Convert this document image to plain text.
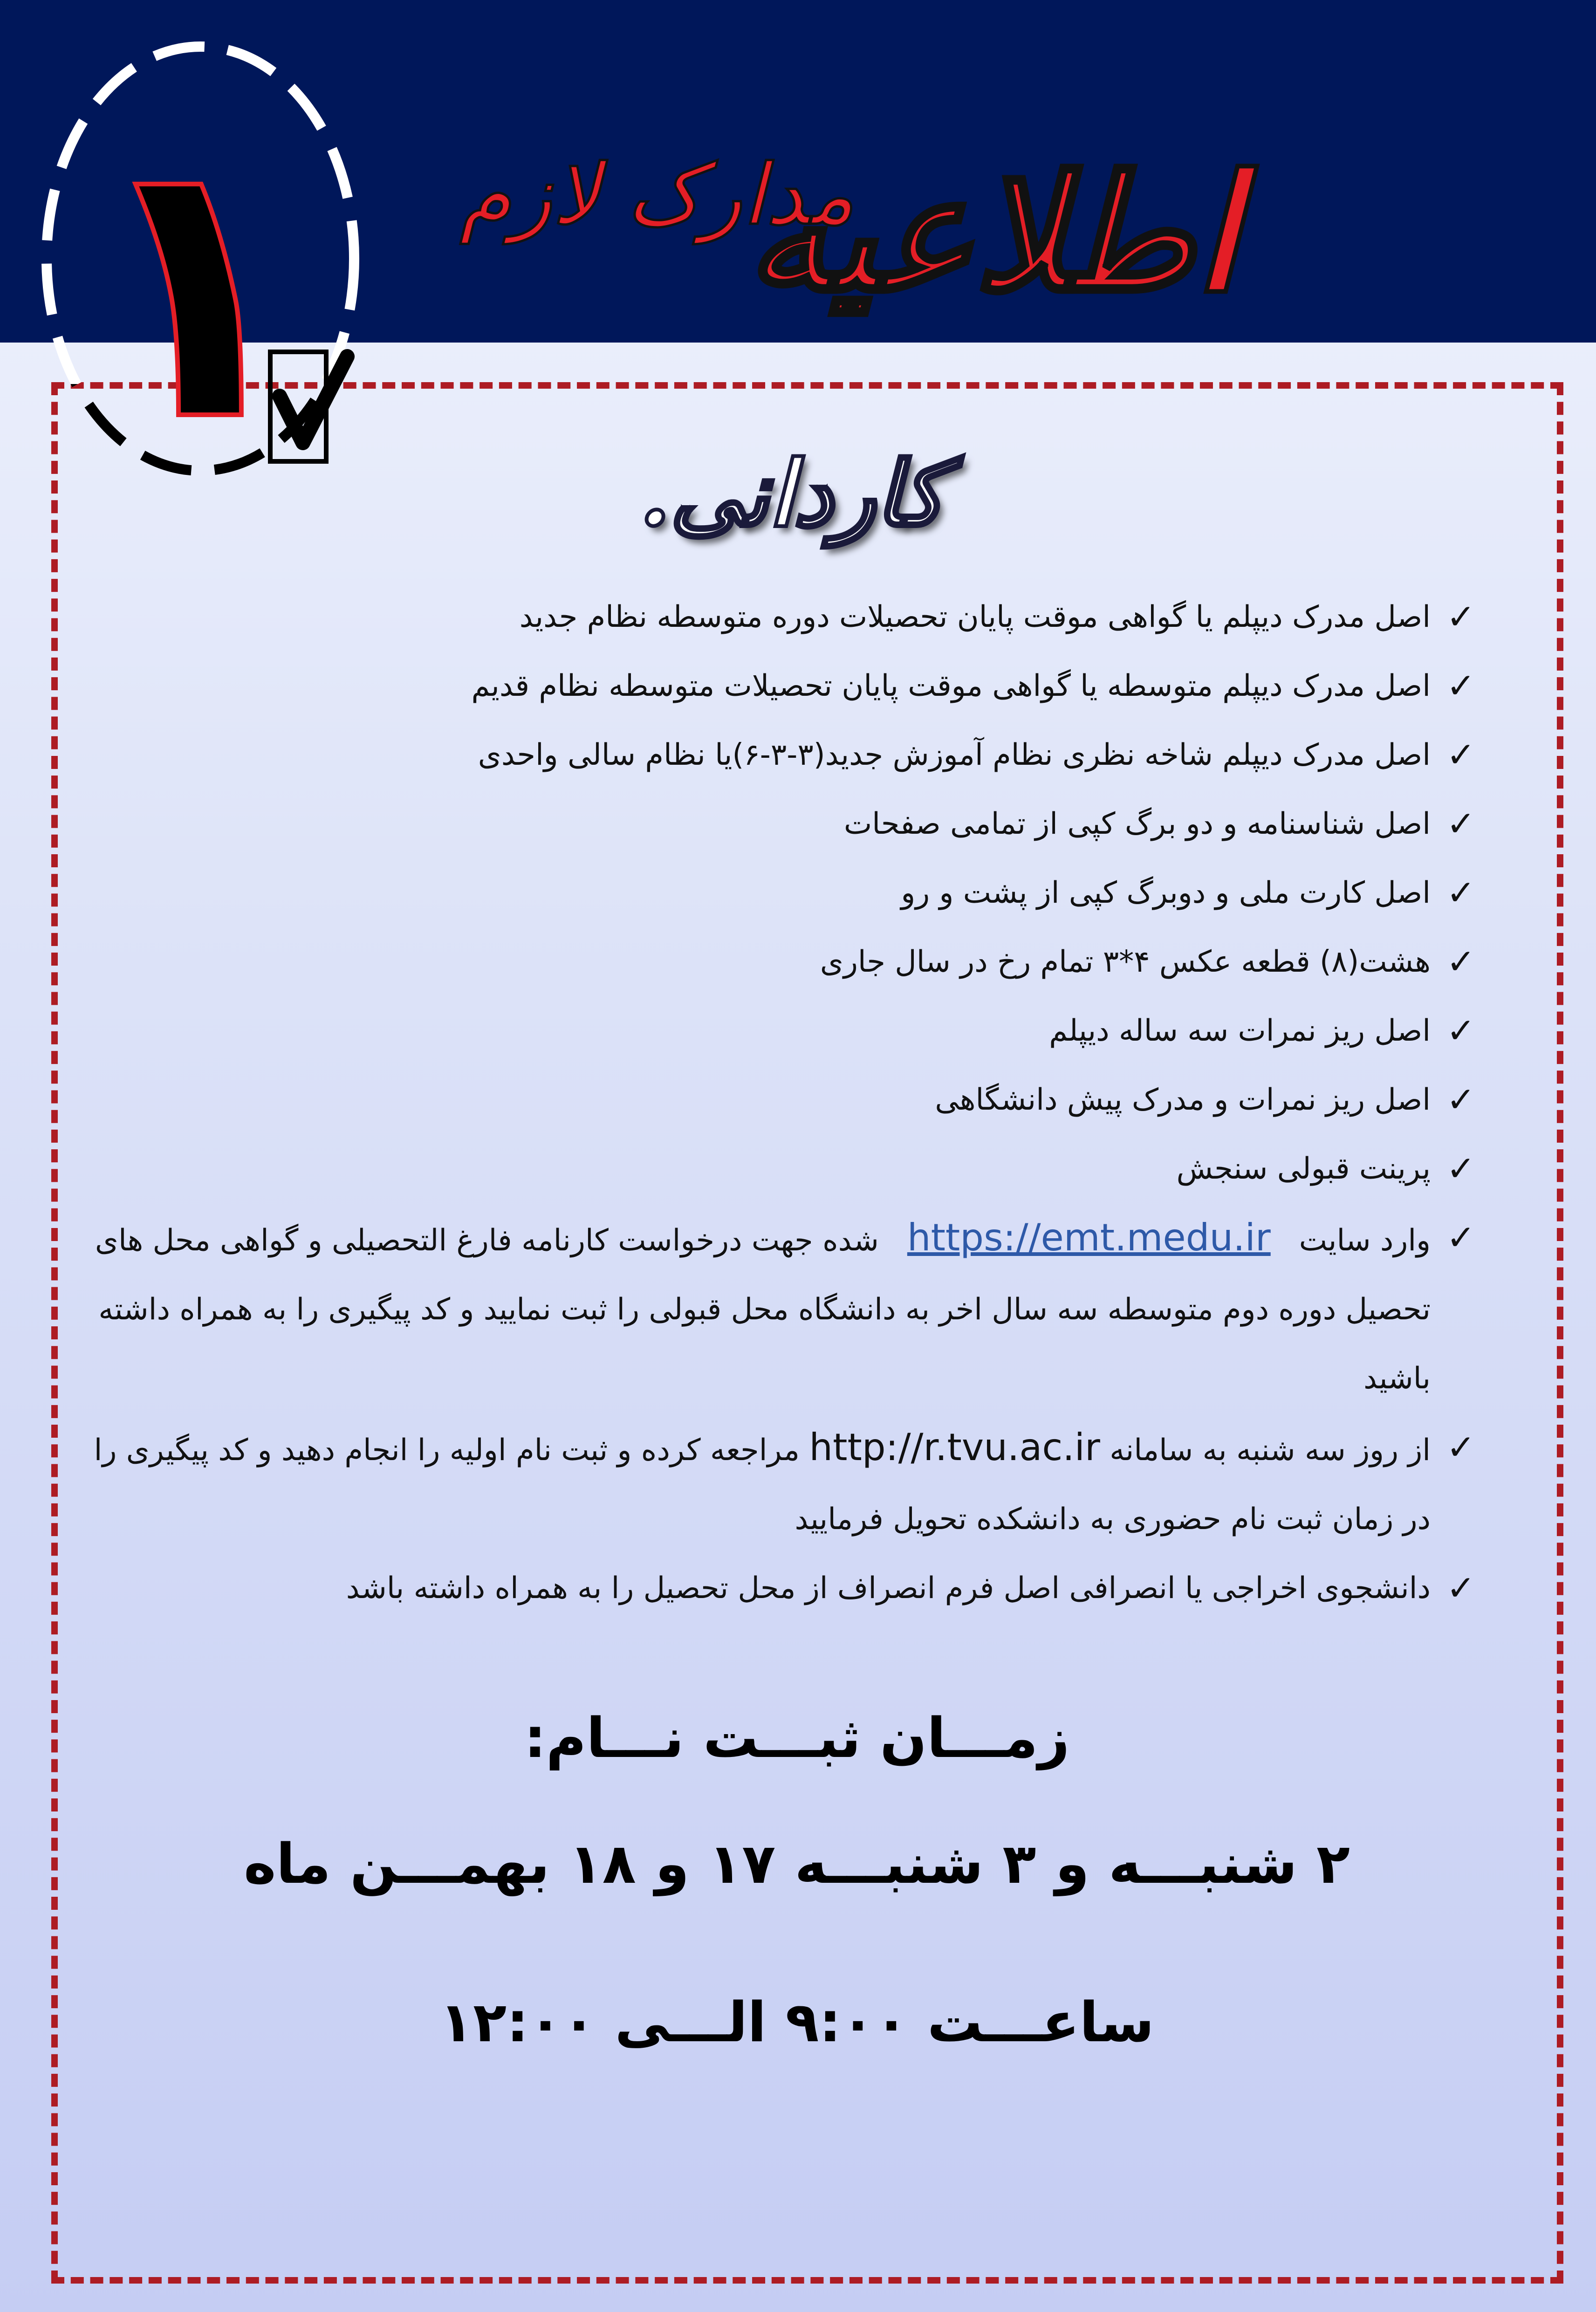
اطلاعیه
مدارک لازم
۱	کاردانی.
✓
اصل مدرک دیپلم یا گواهی موقت پایان تحصیلات دوره متوسطه نظام جدید
✓
اصل مدرک دیپلم متوسطه یا گواهی موقت پایان تحصیلات متوسطه نظام قدیم
✓
اصل مدرک دیپلم شاخه نظری نظام آموزش جدید(۳-۳-۶)یا نظام سالی واحدی
✓
اصل شناسنامه و دو برگ کپی از تمامی صفحات
✓
اصل کارت ملی و دوبرگ کپی از پشت و رو
✓
هشت(۸) قطعه عکس ۴*۳ تمام رخ در سال جاری
✓
اصل ریز نمرات سه ساله دیپلم
✓
اصل ریز نمرات و مدرک پیش دانشگاهی
✓
پرینت قبولی سنجش
✓
وارد سایت   https://emt.medu.ir   شده جهت درخواست کارنامه فارغ التحصیلی و گواهی محل های تحصیل دوره دوم متوسطه سه سال اخر به دانشگاه محل قبولی را ثبت نمایید و کد پیگیری را به همراه داشته باشید
✓
از روز سه شنبه به سامانه http://r.tvu.ac.ir مراجعه کرده و ثبت نام اولیه را انجام دهید و کد پیگیری را در زمان ثبت نام حضوری به دانشکده تحویل فرمایید
✓
دانشجوی اخراجی یا انصرافی اصل فرم انصراف از محل تحصیل را به همراه داشته باشد
زمـــان ثبـــت نـــام:
۲ شنبـــه و ۳ شنبـــه ۱۷ و ۱۸ بهمـــن ماه
ساعـــت ۹:۰۰ الـــی ۱۲:۰۰
